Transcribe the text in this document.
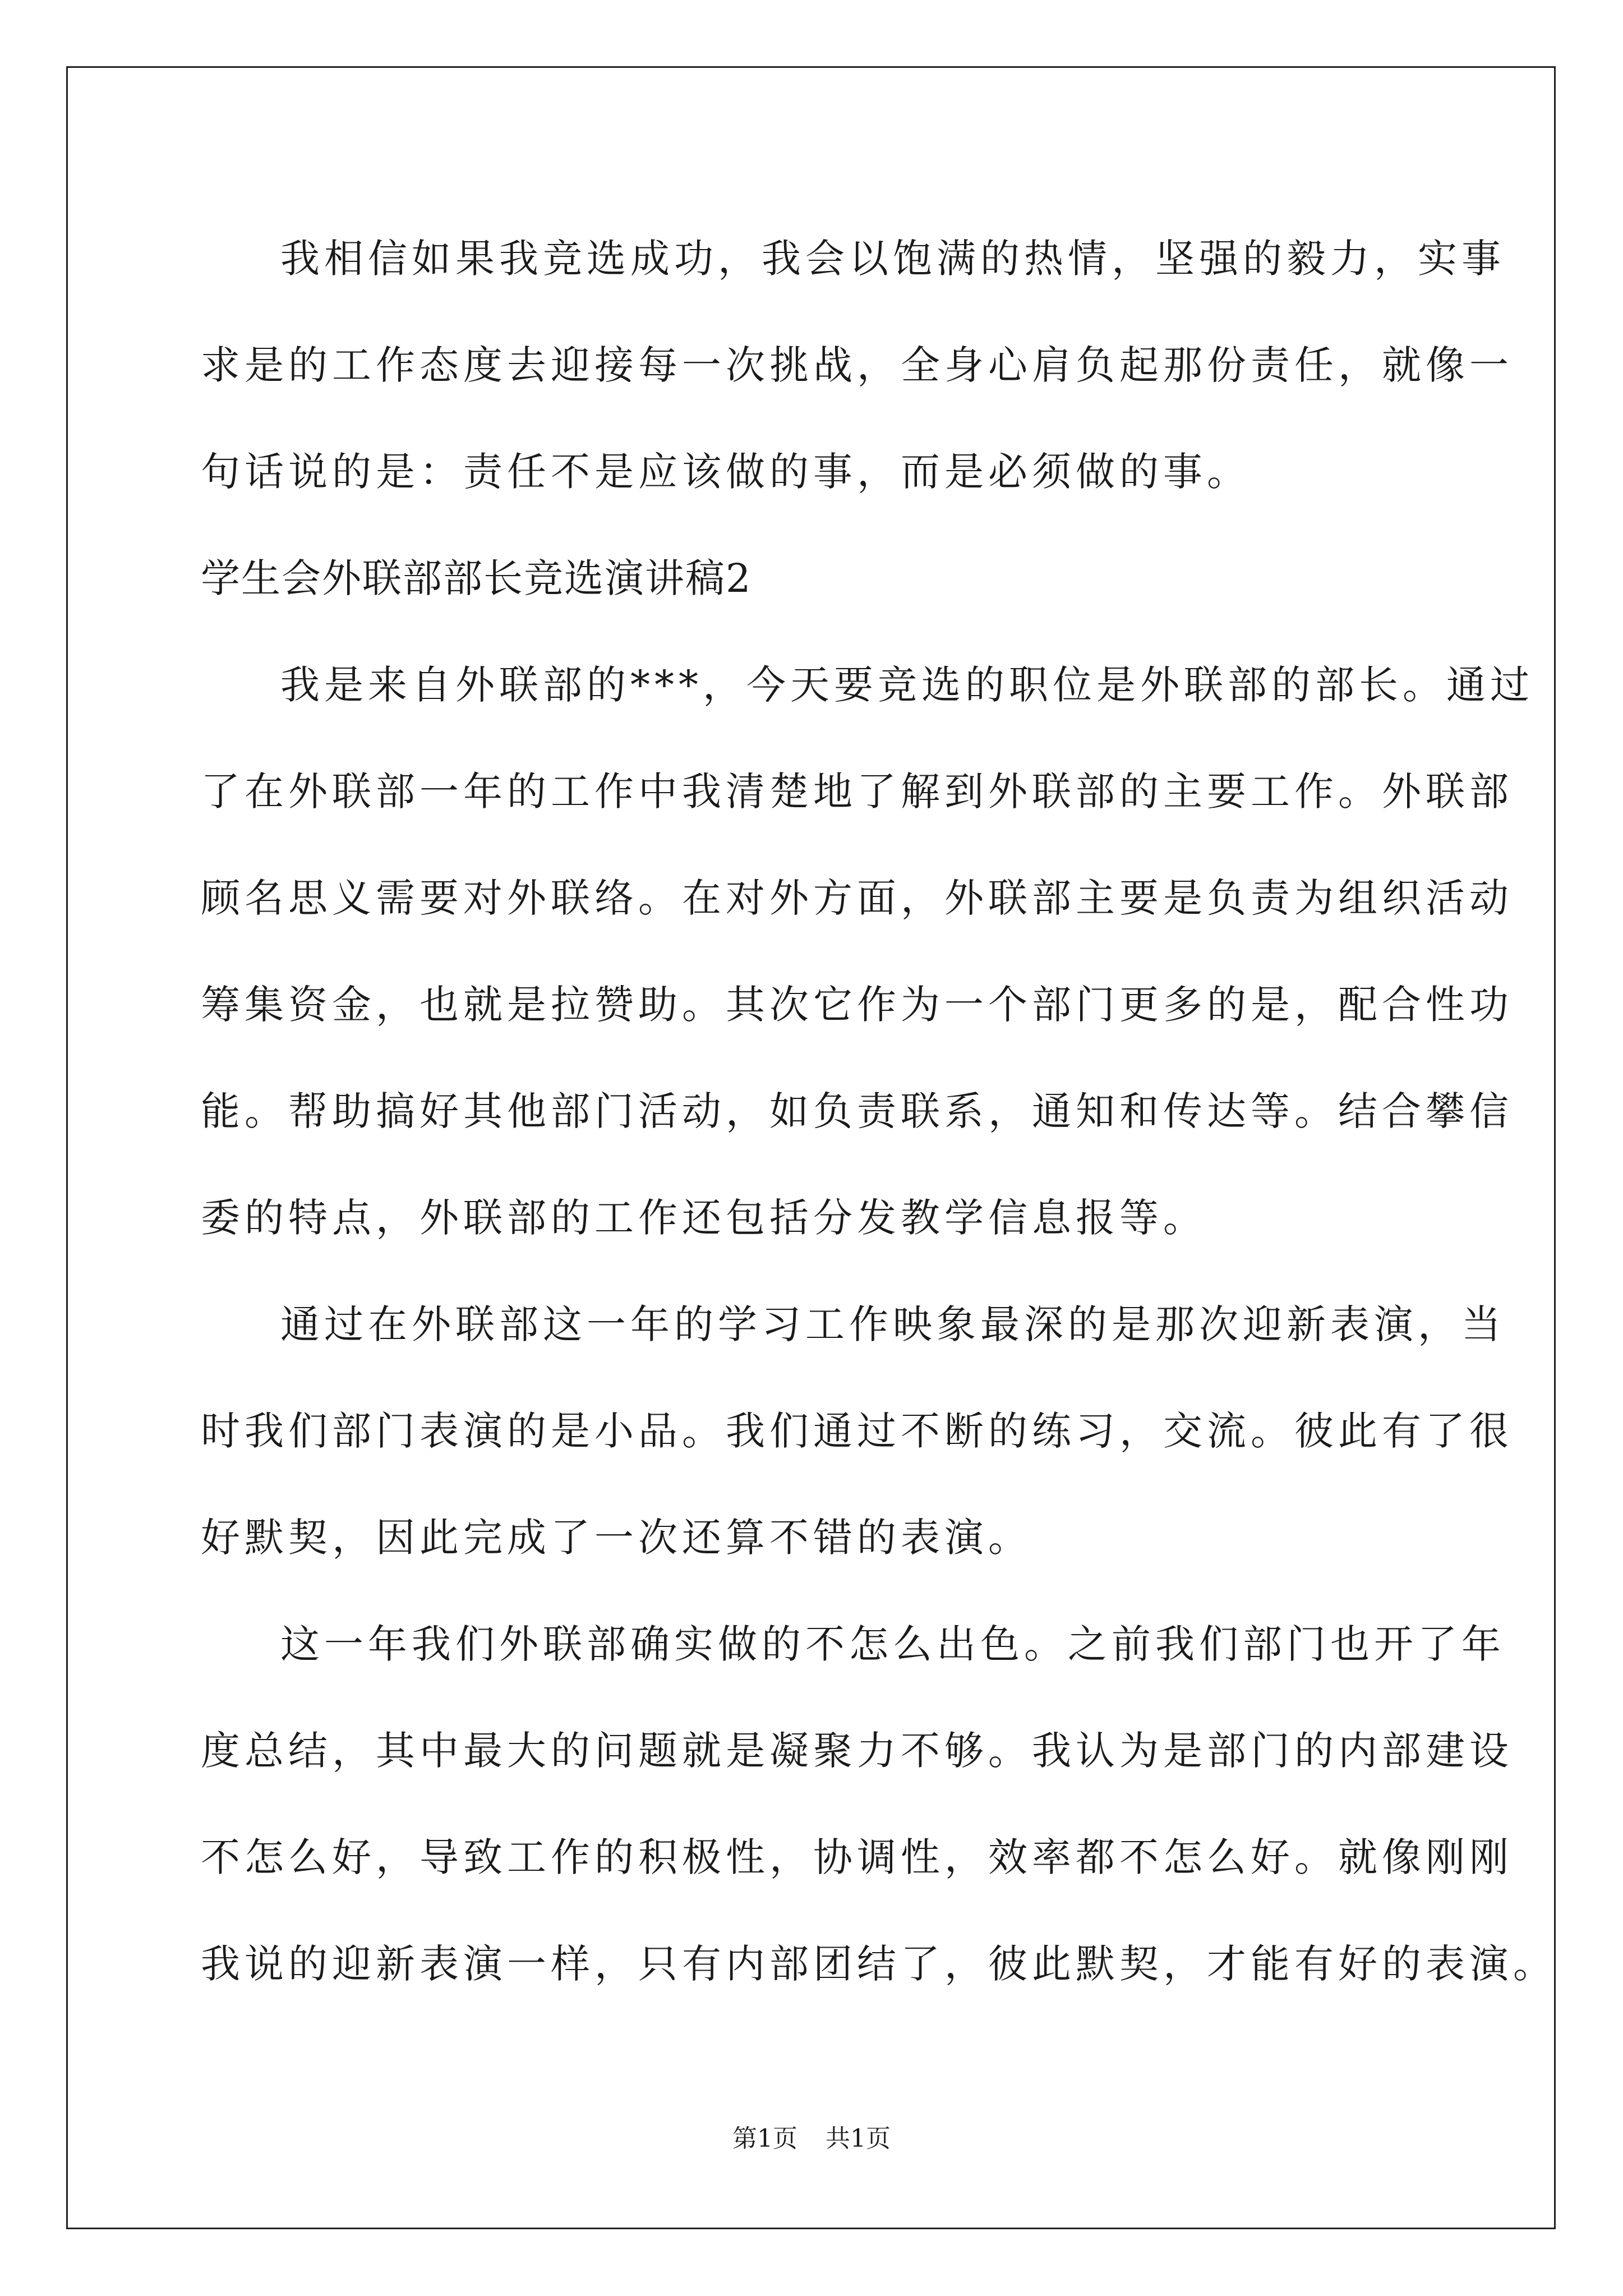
我相信如果我竞选成功，我会以饱满的热情，坚强的毅力，实事
求是的工作态度去迎接每一次挑战，全身心肩负起那份责任，就像一
句话说的是：责任不是应该做的事，而是必须做的事。
学生会外联部部长竞选演讲稿2
我是来自外联部的***，今天要竞选的职位是外联部的部长。通过
了在外联部一年的工作中我清楚地了解到外联部的主要工作。外联部
顾名思义需要对外联络。在对外方面，外联部主要是负责为组织活动
筹集资金，也就是拉赞助。其次它作为一个部门更多的是，配合性功
能。帮助搞好其他部门活动，如负责联系，通知和传达等。结合攀信
委的特点，外联部的工作还包括分发教学信息报等。
通过在外联部这一年的学习工作映象最深的是那次迎新表演，当
时我们部门表演的是小品。我们通过不断的练习，交流。彼此有了很
好默契，因此完成了一次还算不错的表演。
这一年我们外联部确实做的不怎么出色。之前我们部门也开了年
度总结，其中最大的问题就是凝聚力不够。我认为是部门的内部建设
不怎么好，导致工作的积极性，协调性，效率都不怎么好。就像刚刚
我说的迎新表演一样，只有内部团结了，彼此默契，才能有好的表演。
第1页 共1页
